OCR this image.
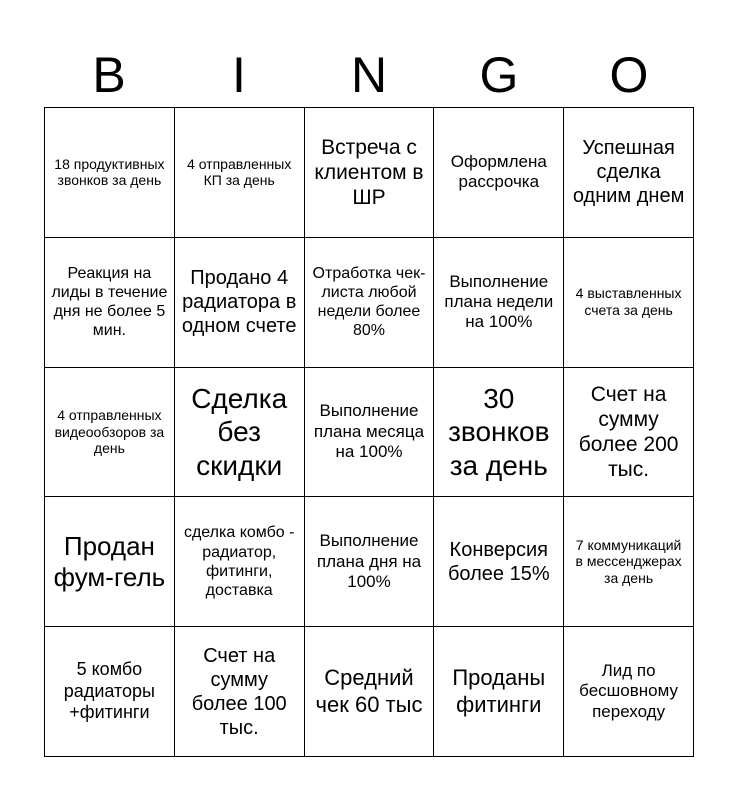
B	I	N	G	O
18 продуктивных звонков за день
4 отправленных КП за день
Встреча с клиентом в ШР
Оформлена рассрочка
Успешная сделка одним днем
Реакция на лиды в течение дня не более 5 мин.
Продано 4 радиатора в одном счете
Отработка чек-листа любой недели более 80%
Выполнение плана недели на 100%
4 выставленных счета за день
4 отправленных видеообзоров за день
Сделка без скидки
Выполнение плана месяца на 100%
30 звонков за день
Счет на сумму более 200 тыс.
Продан фум-гель
сделка комбо - радиатор, фитинги, доставка
Выполнение плана дня на 100%
Конверсия более 15%
7 коммуникаций в мессенджерах за день
5 комбо радиаторы +фитинги
Счет на сумму более 100 тыс.
Средний чек 60 тыс
Проданы фитинги
Лид по бесшовному переходу
